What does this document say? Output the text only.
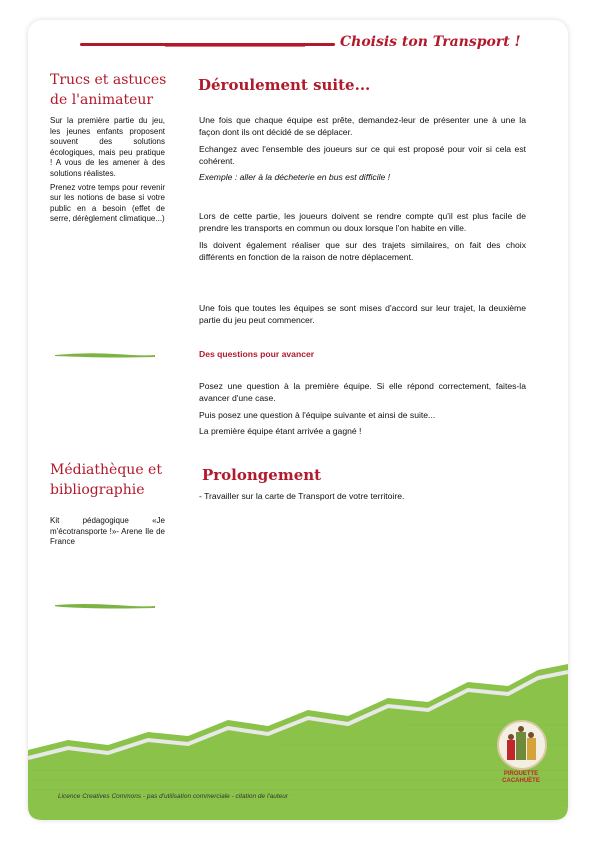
Choisis ton Transport !
Trucs et astuces
de l'animateur

Sur la première partie du jeu, les jeunes enfants proposent souvent des solutions écologiques, mais peu pratique ! A vous de les amener à des solutions réalistes.

Prenez votre temps pour revenir sur les notions de base si votre public en a besoin (effet de serre, dérèglement climatique...)

Médiathèque et
bibliographie

Kit pédagogique «Je m'écotransporte !»- Arene Ile de France

Déroulement suite...

Une fois que chaque équipe est prête, demandez-leur de présenter une à une la façon dont ils ont décidé de se déplacer.

Echangez avec l'ensemble des joueurs sur ce qui est proposé pour voir si cela est cohérent.

Exemple : aller à la décheterie en bus est difficile !

Lors de cette partie, les joueurs doivent se rendre compte qu'il est plus facile de prendre les transports en commun ou doux lorsque l'on habite en ville.

Ils doivent également réaliser que sur des trajets similaires, on fait des choix différents en fonction de la raison de notre déplacement.

Une fois que toutes les équipes se sont mises d'accord sur leur trajet, la deuxième partie du jeu peut commencer.

Des questions pour avancer

Posez une question à la première équipe. Si elle répond correctement, faites-la avancer d'une case.

Puis posez une question à l'équipe suivante et ainsi de suite...

La première équipe étant arrivée a gagné !

Prolongement

- Travailler sur la carte de Transport de votre territoire.

Licence Creatives Commons - pas d'utilisation commerciale - citation de l'auteur
PIROUETTE
CACAHUÈTE
